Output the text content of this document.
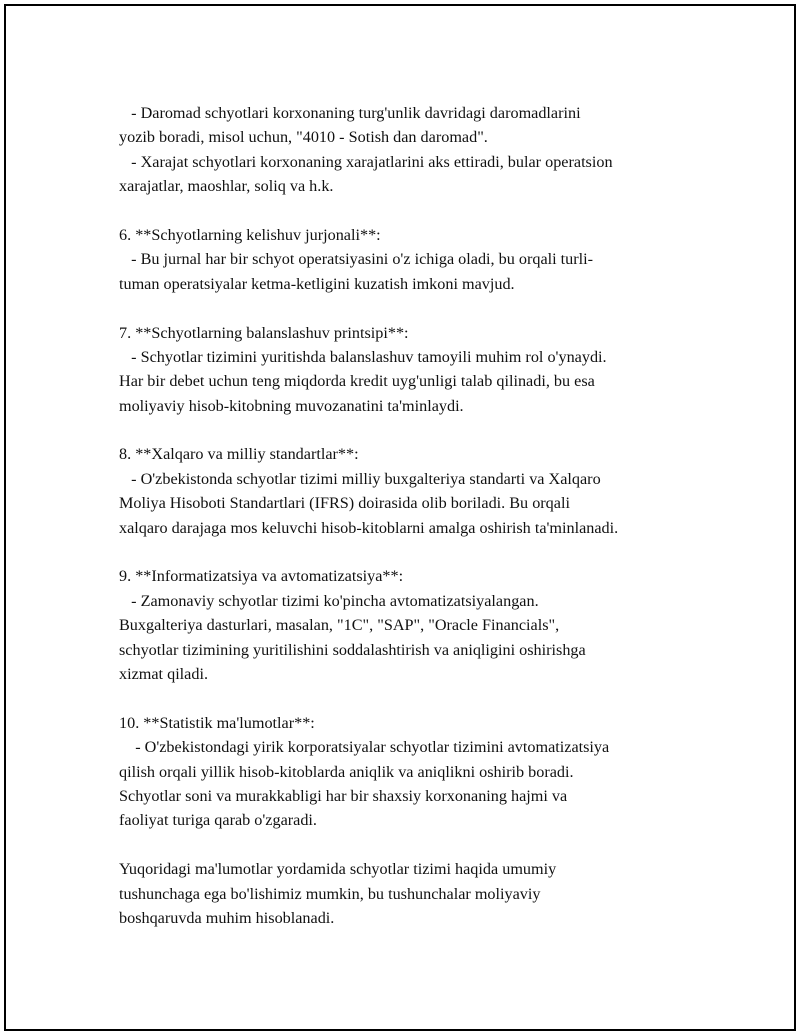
- Daromad schyotlari korxonaning turg'unlik davridagi daromadlarini
yozib boradi, misol uchun, "4010 - Sotish dan daromad".
- Xarajat schyotlari korxonaning xarajatlarini aks ettiradi, bular operatsion
xarajatlar, maoshlar, soliq va h.k.
6. **Schyotlarning kelishuv jurjonali**:
- Bu jurnal har bir schyot operatsiyasini o'z ichiga oladi, bu orqali turli-
tuman operatsiyalar ketma-ketligini kuzatish imkoni mavjud.
7. **Schyotlarning balanslashuv printsipi**:
- Schyotlar tizimini yuritishda balanslashuv tamoyili muhim rol o'ynaydi.
Har bir debet uchun teng miqdorda kredit uyg'unligi talab qilinadi, bu esa
moliyaviy hisob-kitobning muvozanatini ta'minlaydi.
8. **Xalqaro va milliy standartlar**:
- O'zbekistonda schyotlar tizimi milliy buxgalteriya standarti va Xalqaro
Moliya Hisoboti Standartlari (IFRS) doirasida olib boriladi. Bu orqali
xalqaro darajaga mos keluvchi hisob-kitoblarni amalga oshirish ta'minlanadi.
9. **Informatizatsiya va avtomatizatsiya**:
- Zamonaviy schyotlar tizimi ko'pincha avtomatizatsiyalangan.
Buxgalteriya dasturlari, masalan, "1C", "SAP", "Oracle Financials",
schyotlar tizimining yuritilishini soddalashtirish va aniqligini oshirishga
xizmat qiladi.
10. **Statistik ma'lumotlar**:
- O'zbekistondagi yirik korporatsiyalar schyotlar tizimini avtomatizatsiya
qilish orqali yillik hisob-kitoblarda aniqlik va aniqlikni oshirib boradi.
Schyotlar soni va murakkabligi har bir shaxsiy korxonaning hajmi va
faoliyat turiga qarab o'zgaradi.
Yuqoridagi ma'lumotlar yordamida schyotlar tizimi haqida umumiy
tushunchaga ega bo'lishimiz mumkin, bu tushunchalar moliyaviy
boshqaruvda muhim hisoblanadi.
